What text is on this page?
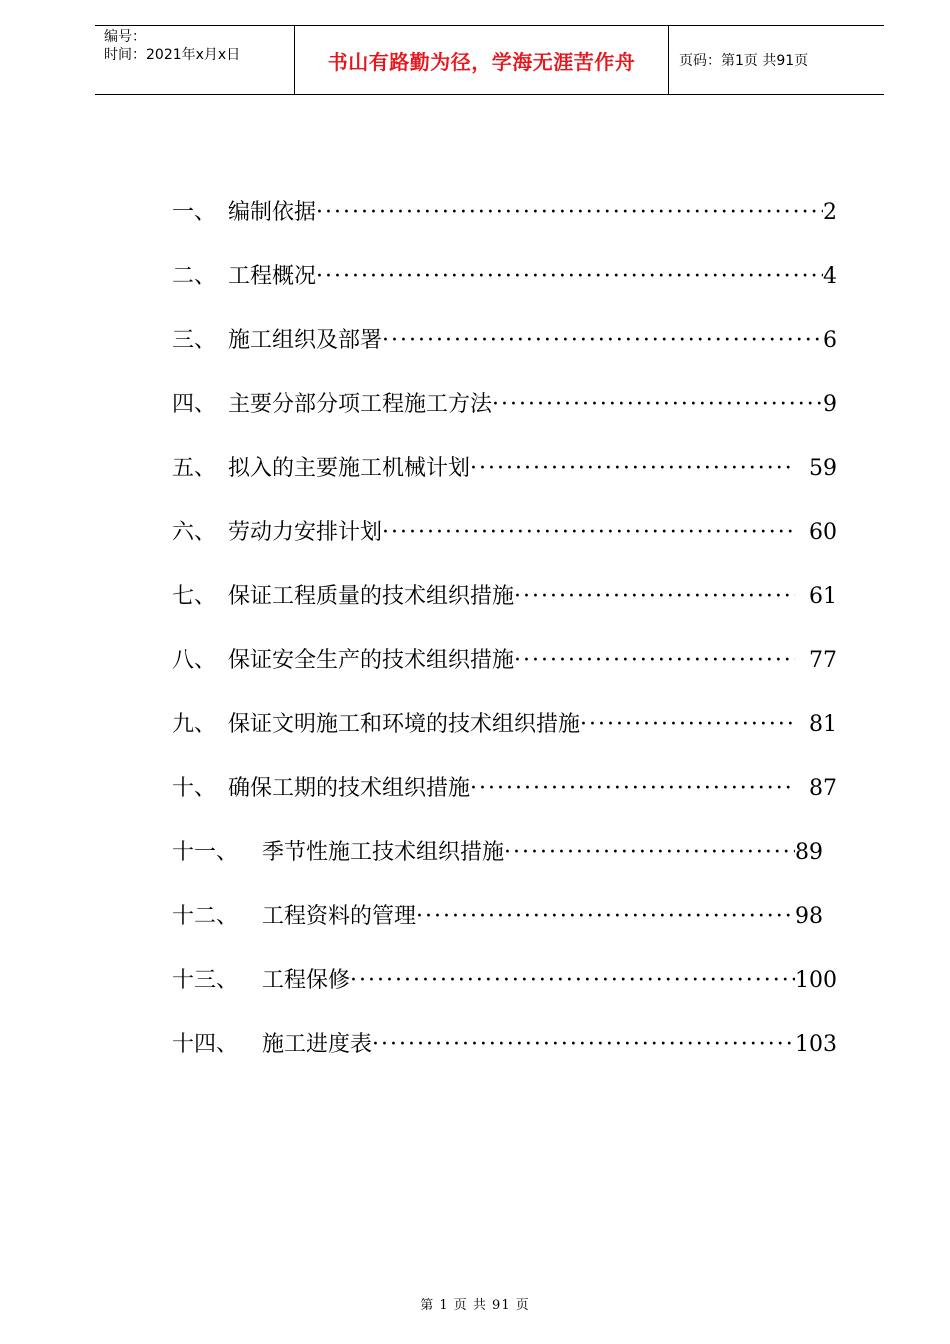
编号：
时间：2021年x月x日	书山有路勤为径，学海无涯苦作舟	页码：第1页 共91页
一、 编制依据 ·····	2
二、 工程概况 ·····	4
三、 施工组织及部署 ·····	6
四、 主要分部分项工程施工方法 ·····	9
五、 拟入的主要施工机械计划 ·····	59
六、 劳动力安排计划 ·····	60
七、 保证工程质量的技术组织措施 ·····	61
八、 保证安全生产的技术组织措施 ·····	77
九、 保证文明施工和环境的技术组织措施 ·····	81
十、 确保工期的技术组织措施 ·····	87
十一、	季节性施工技术组织措施 ·····	89
十二、	工程资料的管理 ·····	98
十三、	工程保修 ·····	100
十四、	施工进度表 ·····	103
第 1 页 共 91 页
